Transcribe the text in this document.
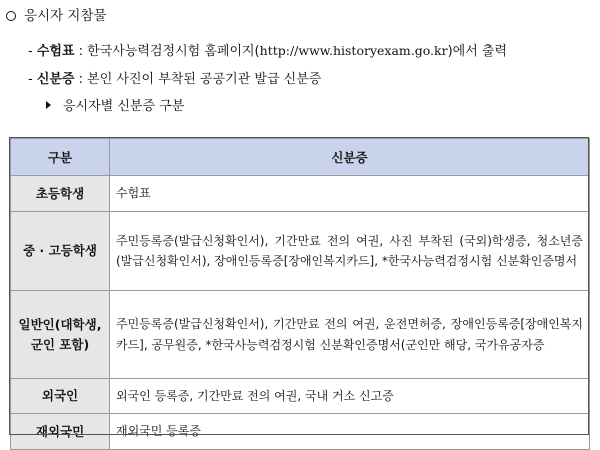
응시자 지참물
- 수험표 : 한국사능력검정시험 홈페이지(http://www.historyexam.go.kr)에서 출력
- 신분증 : 본인 사진이 부착된 공공기관 발급 신분증
응시자별 신분증 구분
구분	신분증
초등학생	수험표
중 · 고등학생	주민등록증(발급신청확인서), 기간만료 전의 여권, 사진 부착된 (국외)학생증, 청소년증(발급신청확인서), 장애인등록증[장애인복지카드], *한국사능력검정시험 신분확인증명서
일반인(대학생, 군인 포함)	주민등록증(발급신청확인서), 기간만료 전의 여권, 운전면허증, 장애인등록증[장애인복지카드], 공무원증, *한국사능력검정시험 신분확인증명서(군인만 해당, 국가유공자증
외국인	외국인 등록증, 기간만료 전의 여권, 국내 거소 신고증
재외국민	재외국민 등록증
